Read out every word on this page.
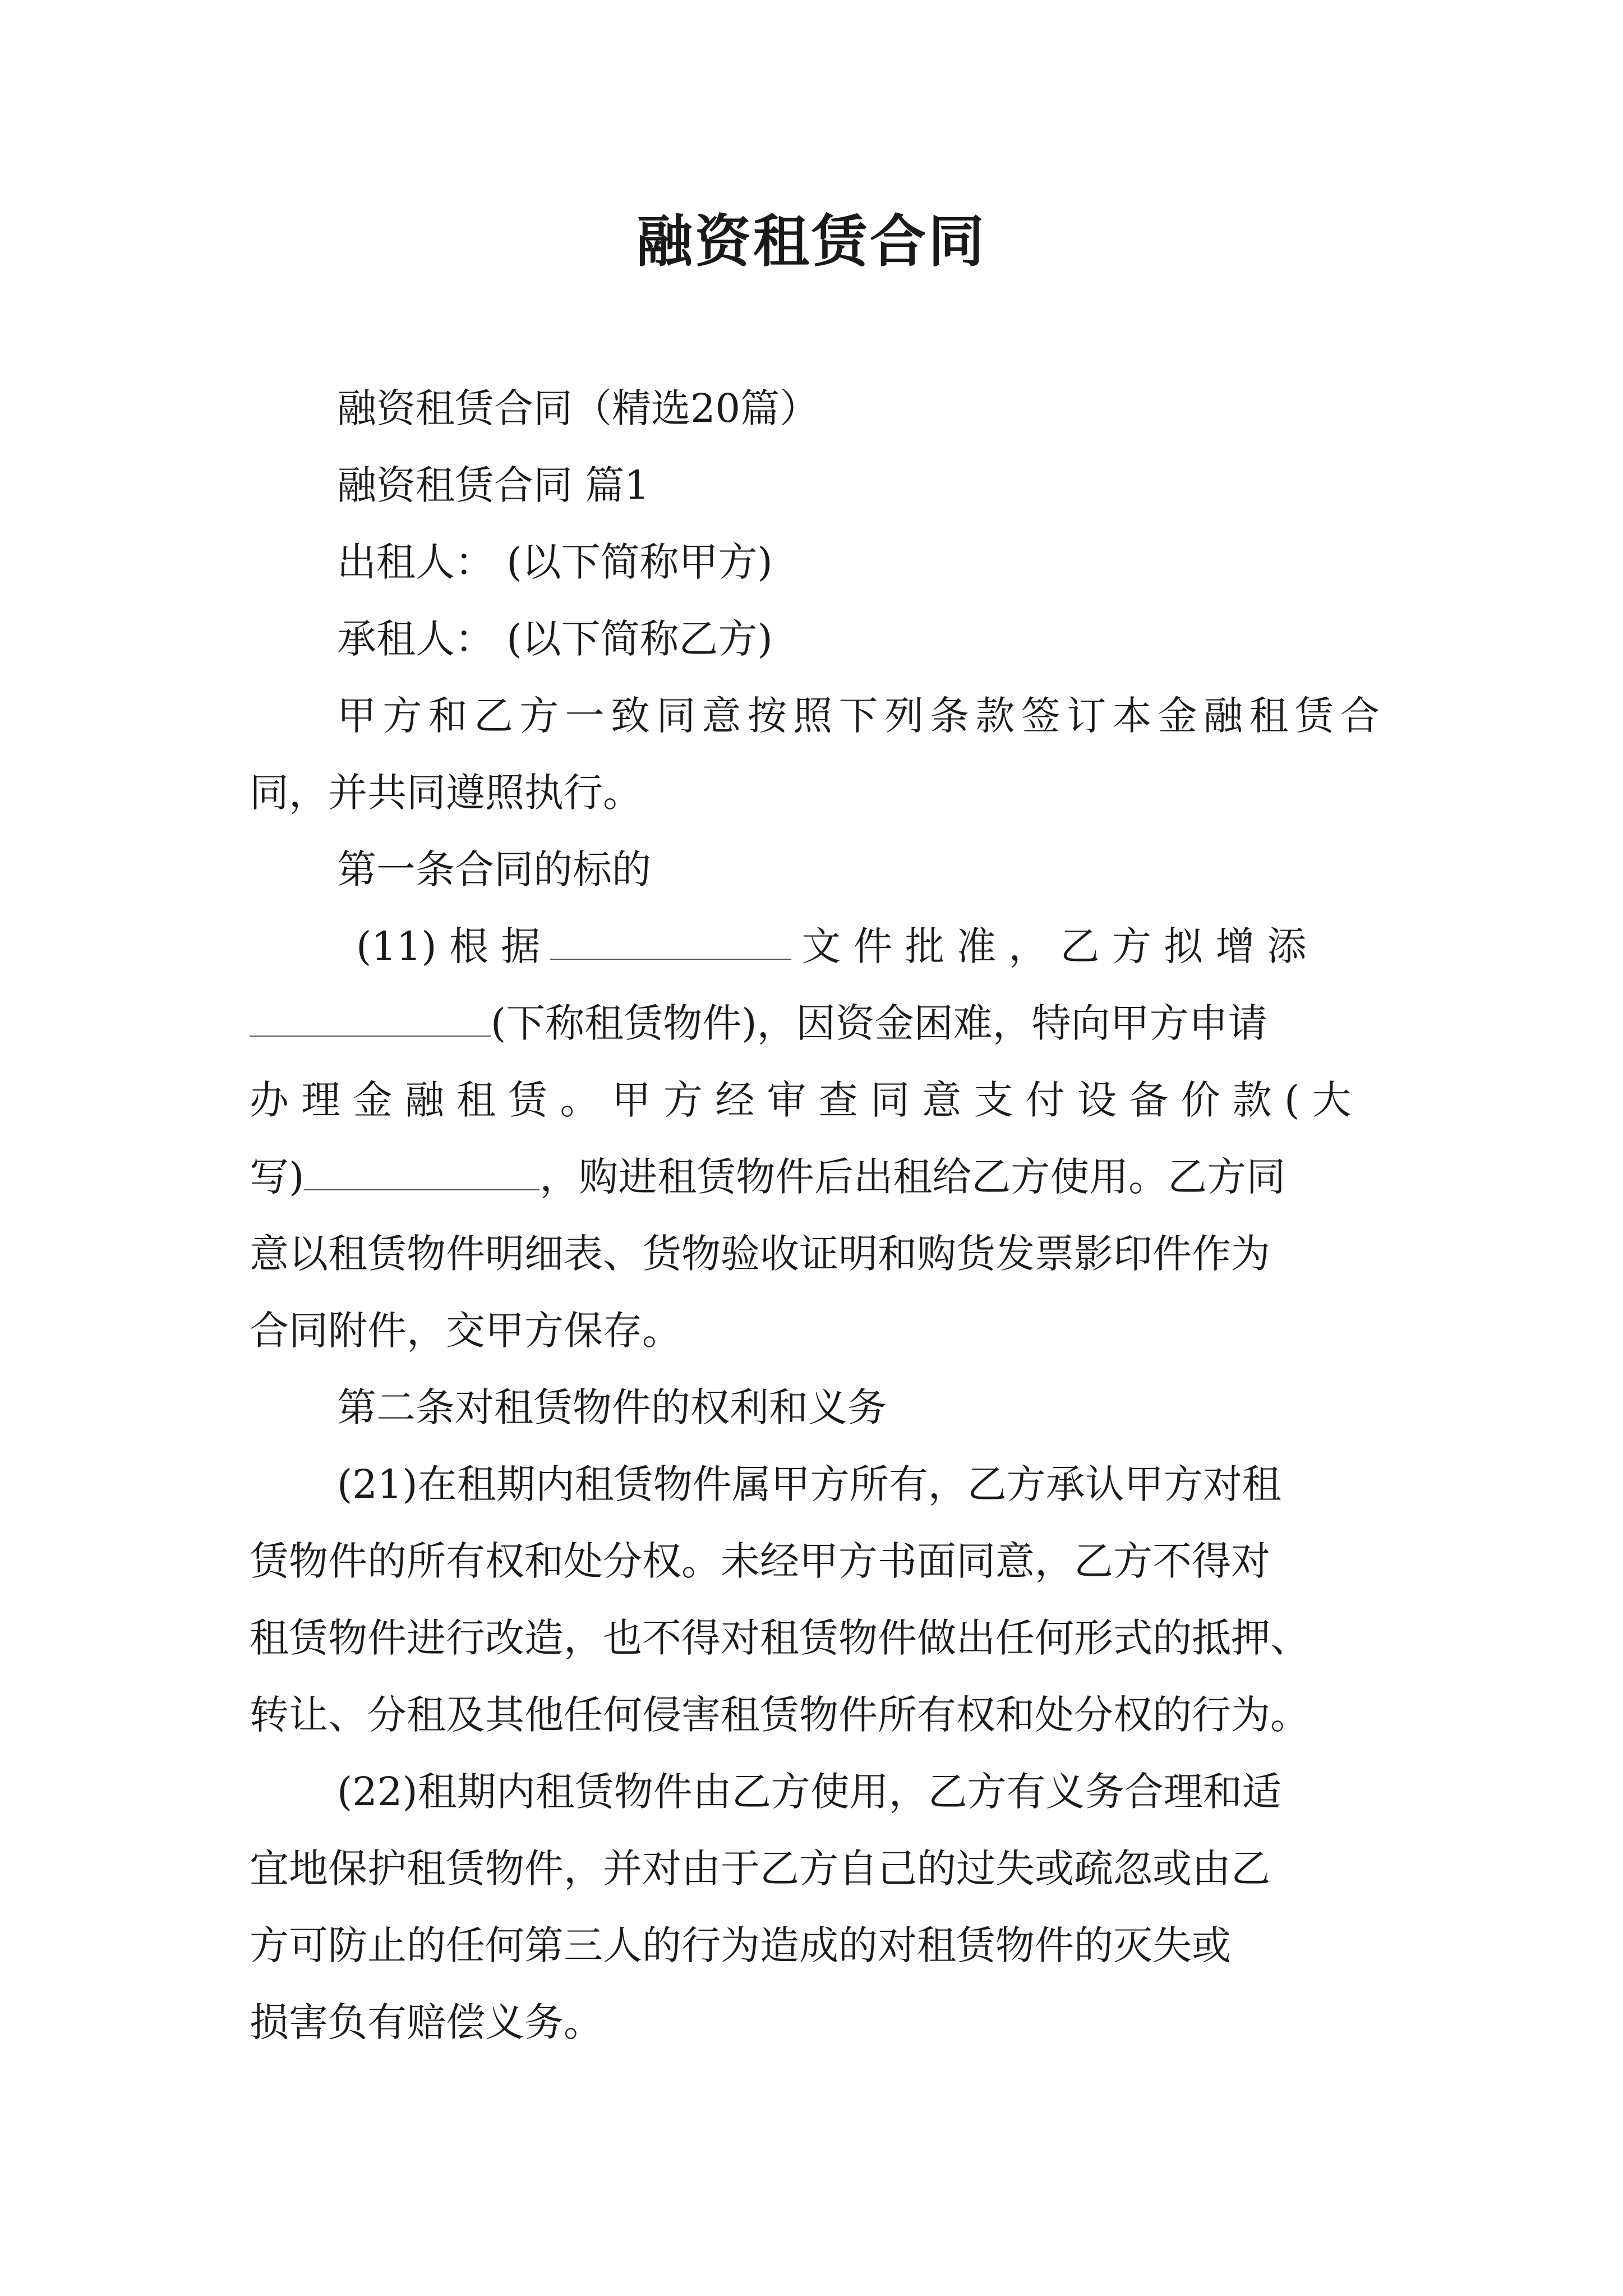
融资租赁合同

融资租赁合同（精选20篇）

融资租赁合同 篇1

出租人： (以下简称甲方)

承租人： (以下简称乙方)

甲方和乙方一致同意按照下列条款签订本金融租赁合
同，并共同遵照执行。

第一条合同的标的

(11) 根 据	文 件 批 准 ， 乙 方 拟 增 添
(下称租赁物件)，因资金困难，特向甲方申请
办 理 金 融 租 赁 。 甲 方 经 审 查 同 意 支 付 设 备 价 款 ( 大
写)	，购进租赁物件后出租给乙方使用。乙方同
意以租赁物件明细表、货物验收证明和购货发票影印件作为
合同附件，交甲方保存。

第二条对租赁物件的权利和义务

(21)在租期内租赁物件属甲方所有，乙方承认甲方对租
赁物件的所有权和处分权。未经甲方书面同意，乙方不得对
租赁物件进行改造，也不得对租赁物件做出任何形式的抵押、
转让、分租及其他任何侵害租赁物件所有权和处分权的行为。
(22)租期内租赁物件由乙方使用，乙方有义务合理和适
宜地保护租赁物件，并对由于乙方自己的过失或疏忽或由乙
方可防止的任何第三人的行为造成的对租赁物件的灭失或
损害负有赔偿义务。
